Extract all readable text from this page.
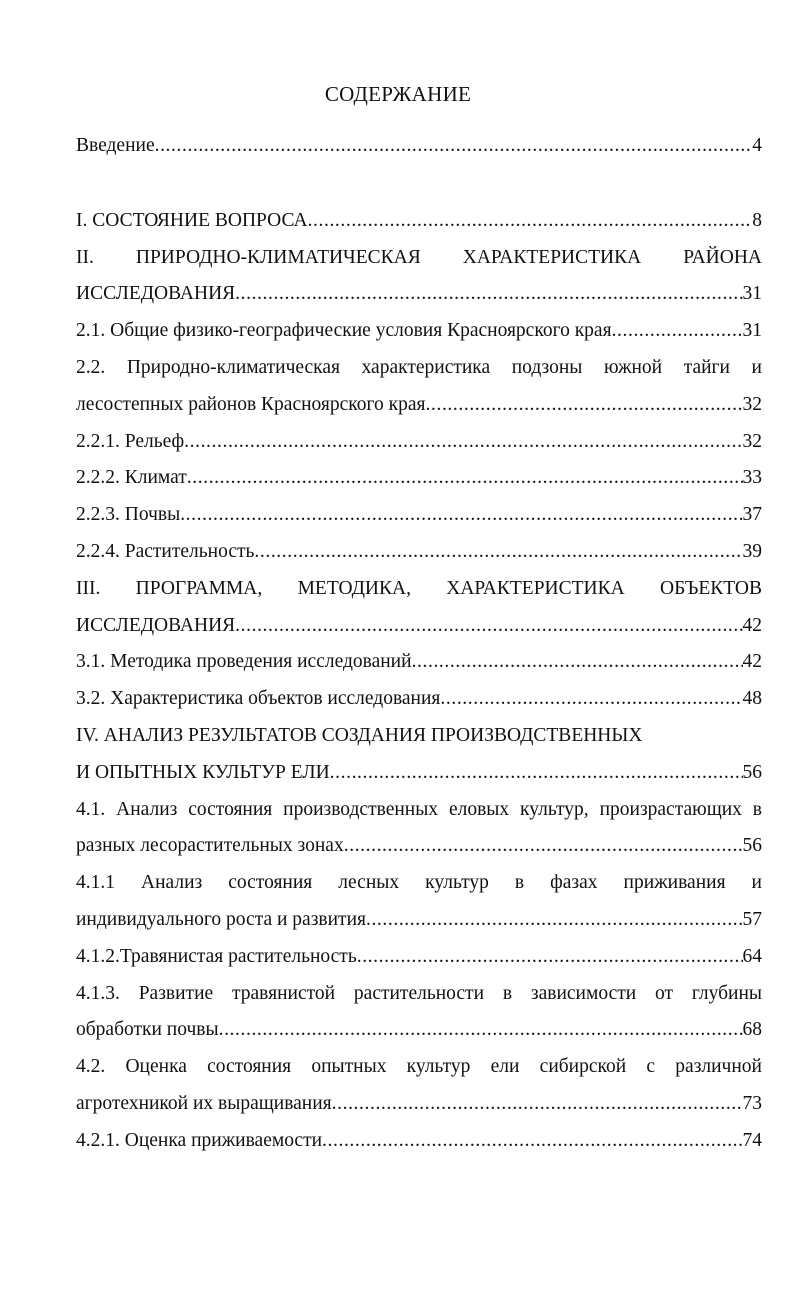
СОДЕРЖАНИЕ
Введение .....	4
I. СОСТОЯНИЕ ВОПРОСА .....	8
II. ПРИРОДНО-КЛИМАТИЧЕСКАЯ ХАРАКТЕРИСТИКА РАЙОНА
ИССЛЕДОВАНИЯ .....	31
2.1. Общие физико-географические условия Красноярского края .....	31
2.2. Природно-климатическая характеристика подзоны южной тайги и
лесостепных районов Красноярского края .....	32
2.2.1. Рельеф .....	32
2.2.2. Климат .....	33
2.2.3. Почвы .....	37
2.2.4. Растительность .....	39
III. ПРОГРАММА, МЕТОДИКА, ХАРАКТЕРИСТИКА ОБЪЕКТОВ
ИССЛЕДОВАНИЯ .....	42
3.1. Методика проведения исследований .....	42
3.2. Характеристика объектов исследования .....	48
IV. АНАЛИЗ РЕЗУЛЬТАТОВ СОЗДАНИЯ ПРОИЗВОДСТВЕННЫХ
И ОПЫТНЫХ КУЛЬТУР ЕЛИ .....	56
4.1. Анализ состояния производственных еловых культур, произрастающих в
разных лесорастительных зонах .....	56
4.1.1 Анализ состояния лесных культур в фазах приживания и
индивидуального роста и развития .....	57
4.1.2.Травянистая растительность .....	64
4.1.3. Развитие травянистой растительности в зависимости от глубины
обработки почвы .....	68
4.2. Оценка состояния опытных культур ели сибирской с различной
агротехникой их выращивания .....	73
4.2.1. Оценка приживаемости .....	74
